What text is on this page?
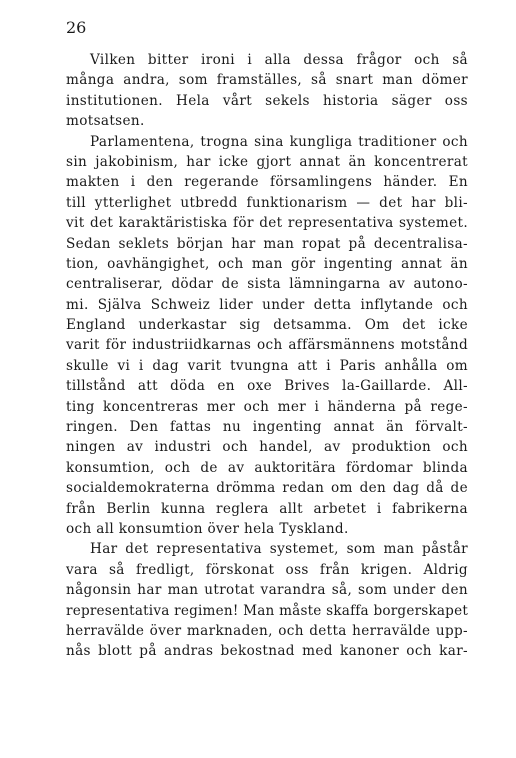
26
Vilken bitter ironi i alla dessa frågor och så
många andra, som framställes, så snart man dömer
institutionen. Hela vårt sekels historia säger oss
motsatsen.
Parlamentena, trogna sina kungliga traditioner och
sin jakobinism, har icke gjort annat än koncentrerat
makten i den regerande församlingens händer. En
till ytterlighet utbredd funktionarism — det har bli-
vit det karaktäristiska för det representativa systemet.
Sedan seklets början har man ropat på decentralisa-
tion, oavhängighet, och man gör ingenting annat än
centraliserar, dödar de sista lämningarna av autono-
mi. Själva Schweiz lider under detta inflytande och
England underkastar sig detsamma. Om det icke
varit för industriidkarnas och affärsmännens motstånd
skulle vi i dag varit tvungna att i Paris anhålla om
tillstånd att döda en oxe Brives la-Gaillarde. All-
ting koncentreras mer och mer i händerna på rege-
ringen. Den fattas nu ingenting annat än förvalt-
ningen av industri och handel, av produktion och
konsumtion, och de av auktoritära fördomar blinda
socialdemokraterna drömma redan om den dag då de
från Berlin kunna reglera allt arbetet i fabrikerna
och all konsumtion över hela Tyskland.
Har det representativa systemet, som man påstår
vara så fredligt, förskonat oss från krigen. Aldrig
någonsin har man utrotat varandra så, som under den
representativa regimen! Man måste skaffa borgerskapet
herravälde över marknaden, och detta herravälde upp-
nås blott på andras bekostnad med kanoner och kar-
